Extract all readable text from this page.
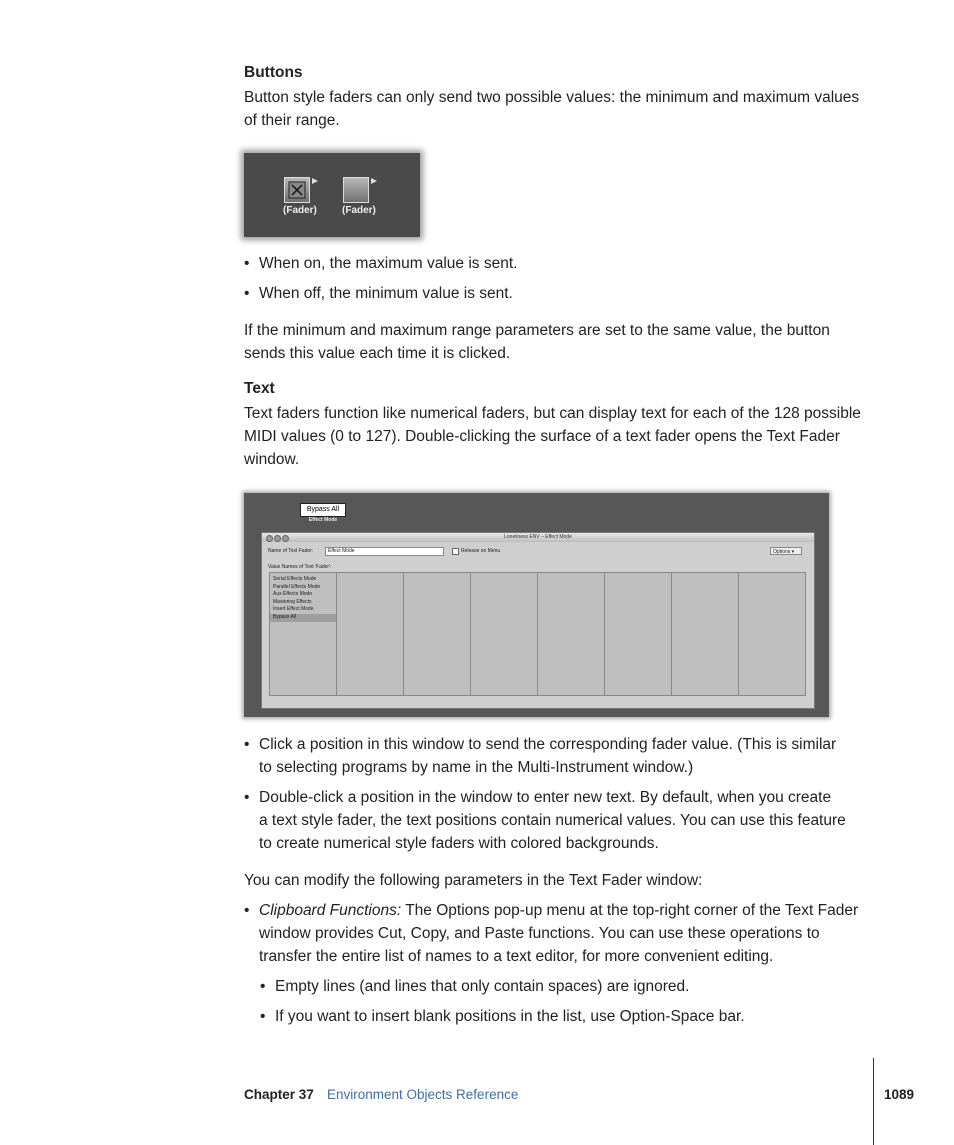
Buttons
Button style faders can only send two possible values: the minimum and maximum values
of their range.
(Fader)	(Fader)
• When on, the maximum value is sent.
• When off, the minimum value is sent.
If the minimum and maximum range parameters are set to the same value, the button
sends this value each time it is clicked.
Text
Text faders function like numerical faders, but can display text for each of the 128 possible
MIDI values (0 to 127). Double-clicking the surface of a text fader opens the Text Fader
window.
Bypass All
Effect Mode
Loneliness ENV – Effect Mode
Name of Text Fader:	Effect Mode	Release on Menu	Options ▾
Value Names of Text 'Fader':
Serial Effects Mode
Parallel Effects Mode
Aux Effects Mode
Mastering Effects
Insert Effect Mode
Bypass All
• Click a position in this window to send the corresponding fader value. (This is similar
to selecting programs by name in the Multi-Instrument window.)
• Double-click a position in the window to enter new text. By default, when you create
a text style fader, the text positions contain numerical values. You can use this feature
to create numerical style faders with colored backgrounds.
You can modify the following parameters in the Text Fader window:
• Clipboard Functions: The Options pop-up menu at the top-right corner of the Text Fader
window provides Cut, Copy, and Paste functions. You can use these operations to
transfer the entire list of names to a text editor, for more convenient editing.
• Empty lines (and lines that only contain spaces) are ignored.
• If you want to insert blank positions in the list, use Option-Space bar.
Chapter 37 Environment Objects Reference	1089
